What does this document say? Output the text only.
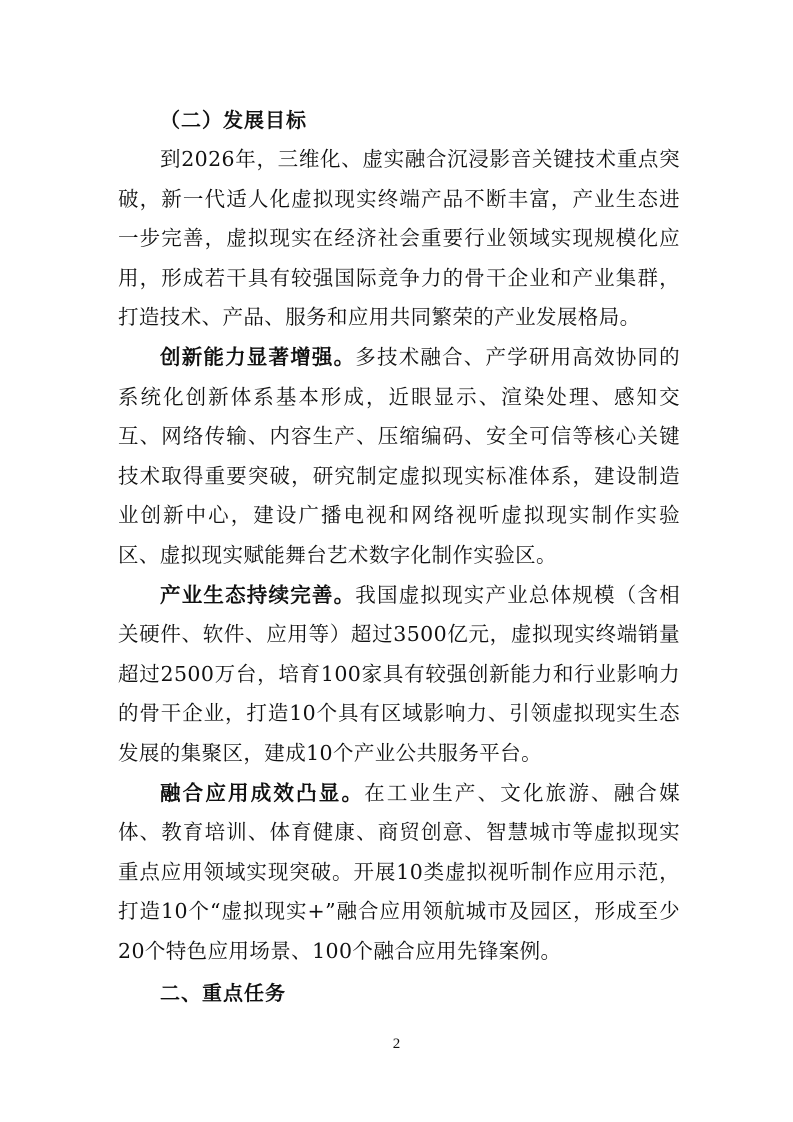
（二）发展目标

到2026年，三维化、虚实融合沉浸影音关键技术重点突破，新一代适人化虚拟现实终端产品不断丰富，产业生态进一步完善，虚拟现实在经济社会重要行业领域实现规模化应用，形成若干具有较强国际竞争力的骨干企业和产业集群，打造技术、产品、服务和应用共同繁荣的产业发展格局。

创新能力显著增强。多技术融合、产学研用高效协同的系统化创新体系基本形成，近眼显示、渲染处理、感知交互、网络传输、内容生产、压缩编码、安全可信等核心关键技术取得重要突破，研究制定虚拟现实标准体系，建设制造业创新中心，建设广播电视和网络视听虚拟现实制作实验区、虚拟现实赋能舞台艺术数字化制作实验区。

产业生态持续完善。我国虚拟现实产业总体规模（含相关硬件、软件、应用等）超过3500亿元，虚拟现实终端销量超过2500万台，培育100家具有较强创新能力和行业影响力的骨干企业，打造10个具有区域影响力、引领虚拟现实生态发展的集聚区，建成10个产业公共服务平台。

融合应用成效凸显。在工业生产、文化旅游、融合媒体、教育培训、体育健康、商贸创意、智慧城市等虚拟现实重点应用领域实现突破。开展10类虚拟视听制作应用示范，打造10个“虚拟现实+”融合应用领航城市及园区，形成至少20个特色应用场景、100个融合应用先锋案例。

二、重点任务

2
